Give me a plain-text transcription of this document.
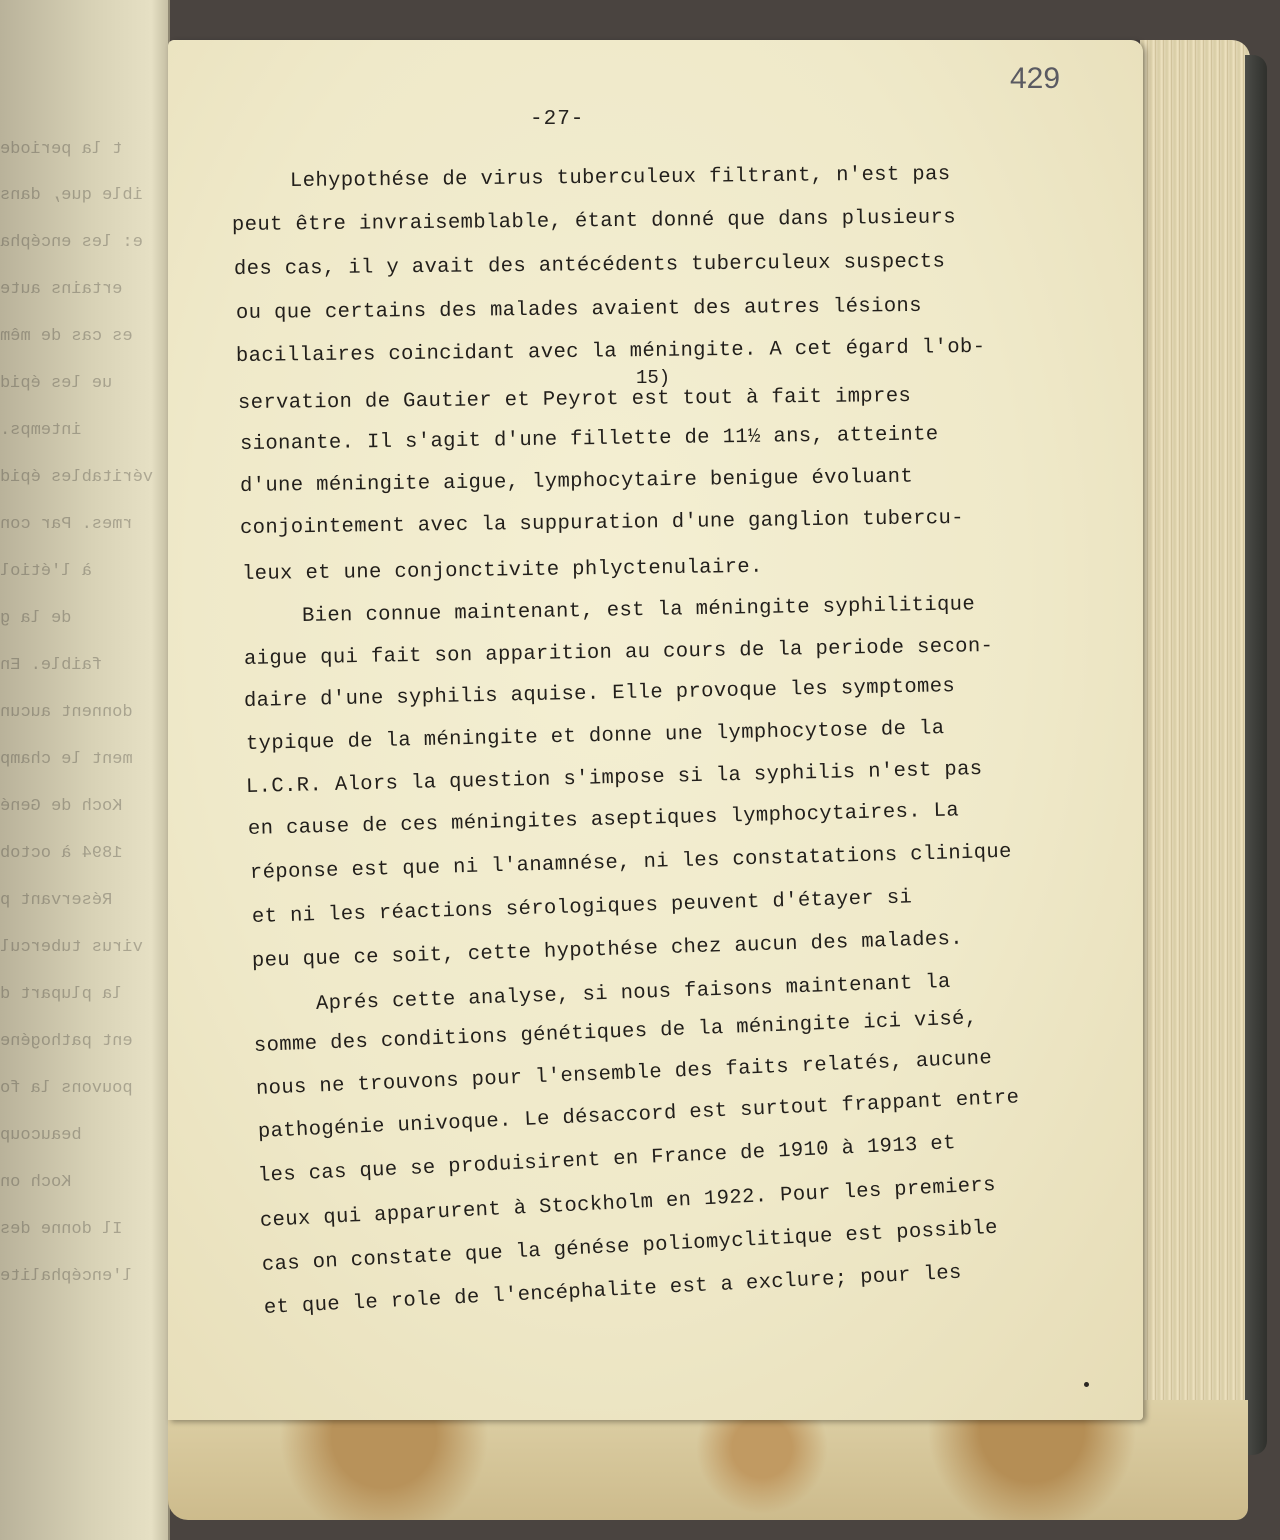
t la periode
ible que, dans
e: les encépha
ertains aute
es cas de mêm
ue les épid
intemps.
véritables épid
rmes. Par con
à l'étiol
de la g
faible. En
donnent aucun
ment le champ
Koch de Gené
1894 à octob
Réservant p
virus tubercul
la plupart d
ent pathogéne
pouvons la fo
beaucoup
Koch on
Il donne des
l'encéphalite
429
-27-
Lehypothése de virus tuberculeux filtrant, n'est pas
peut être invraisemblable, étant donné que dans plusieurs
des cas, il y avait des antécédents tuberculeux suspects
ou que certains des malades avaient des autres lésions
bacillaires coincidant avec la méningite. A cet égard l'ob-
15)
servation de Gautier et Peyrot est tout à fait impres
sionante. Il s'agit d'une fillette de 11½ ans, atteinte
d'une méningite aigue, lymphocytaire benigue évoluant
conjointement avec la suppuration d'une ganglion tubercu-
leux et une conjonctivite phlyctenulaire.
Bien connue maintenant, est la méningite syphilitique
aigue qui fait son apparition au cours de la periode secon-
daire d'une syphilis aquise. Elle provoque les symptomes
typique de la méningite et donne une lymphocytose de la
L.C.R. Alors la question s'impose si la syphilis n'est pas
en cause de ces méningites aseptiques lymphocytaires. La
réponse est que ni l'anamnése, ni les constatations clinique
et ni les réactions sérologiques peuvent d'étayer si
peu que ce soit, cette hypothése chez aucun des malades.
Aprés cette analyse, si nous faisons maintenant la
somme des conditions génétiques de la méningite ici visé,
nous ne trouvons pour l'ensemble des faits relatés, aucune
pathogénie univoque. Le désaccord est surtout frappant entre
les cas que se produisirent en France de 1910 à 1913 et
ceux qui apparurent à Stockholm en 1922. Pour les premiers
cas on constate que la génése poliomyclitique est possible
et que le role de l'encéphalite est a exclure; pour les
